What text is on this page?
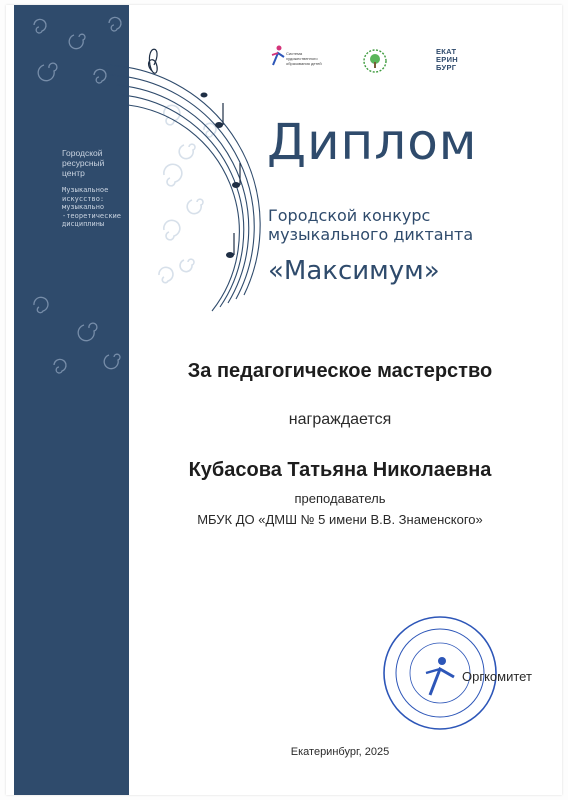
Городской
ресурсный
центр
Музыкальное
искусство:
музыкально
-теоретические
дисциплины
Система
художественного
образования детей
ЕКАТ
ЕРИН
БУРГ
Диплом
Городской конкурс
музыкального диктанта
«Максимум»
За педагогическое мастерство
награждается
Кубасова Татьяна Николаевна
преподаватель
МБУК ДО «ДМШ № 5 имени В.В. Знаменского»
Оргкомитет
Екатеринбург, 2025
